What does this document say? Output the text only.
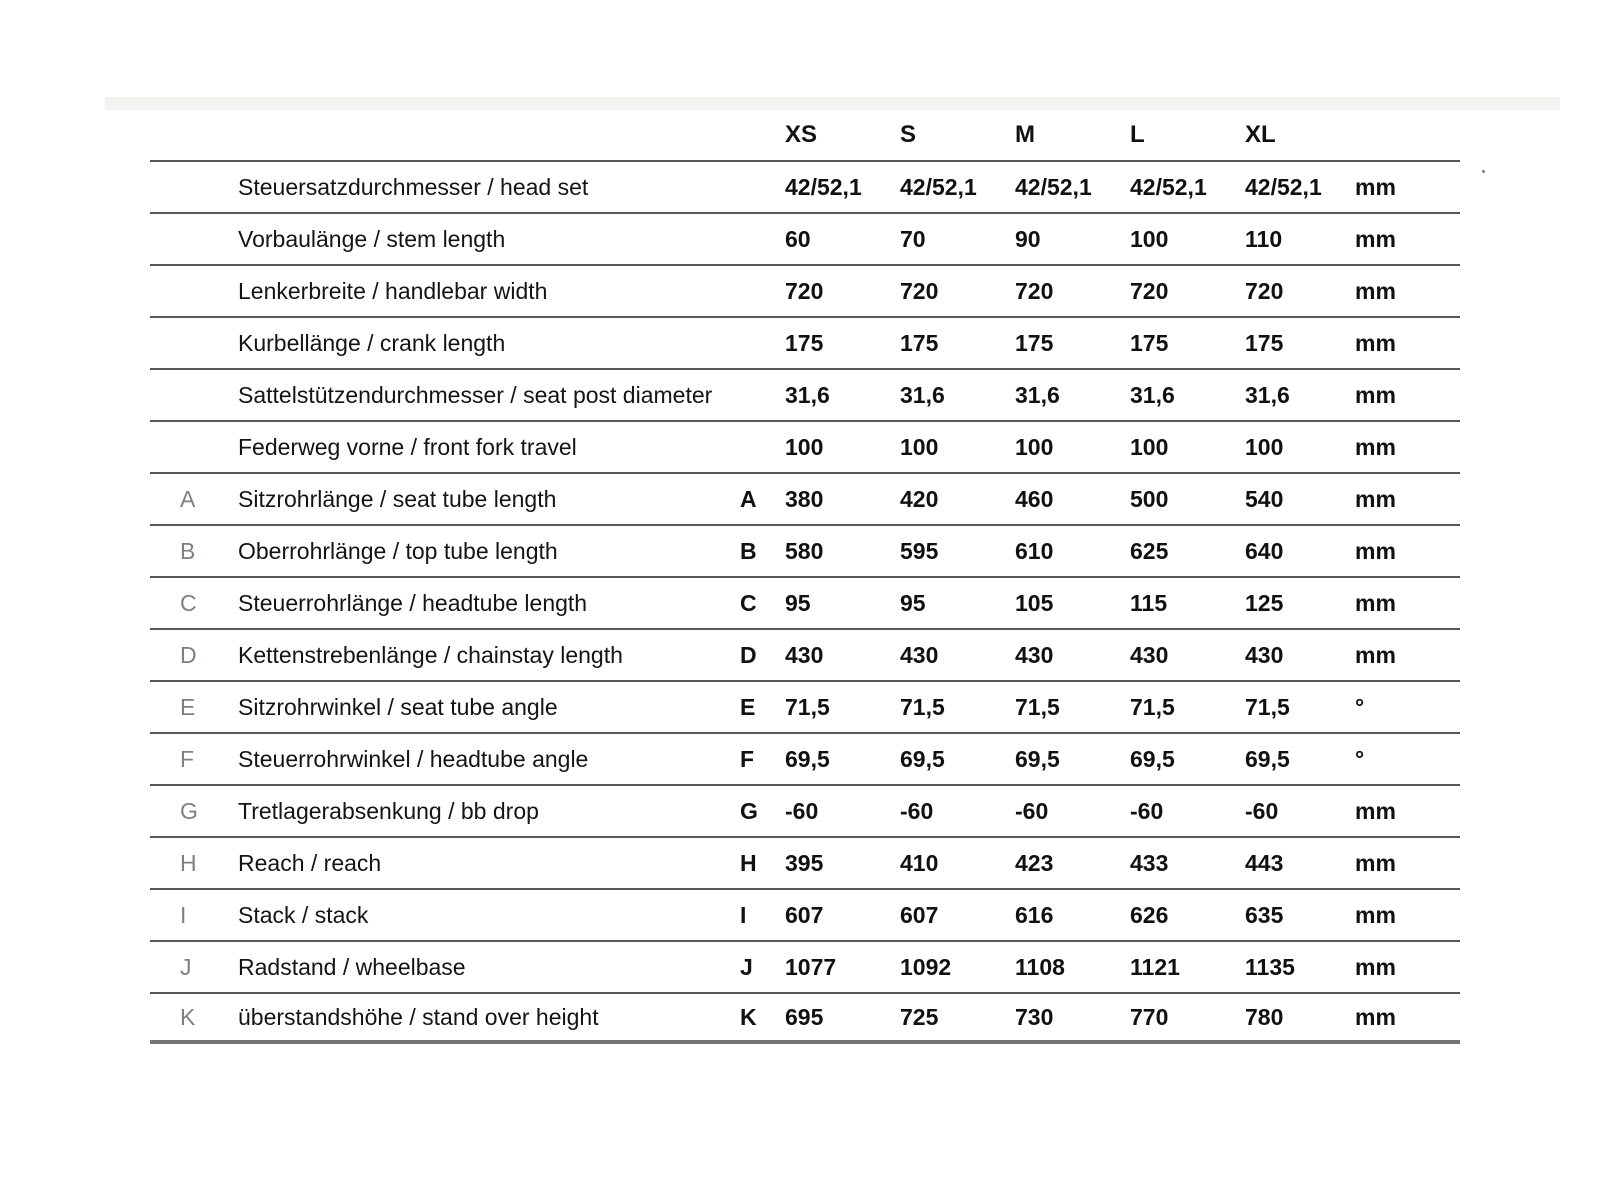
XS	S	M	L	XL
Steuersatzdurchmesser / head set	42/52,1	42/52,1	42/52,1	42/52,1	42/52,1	mm
Vorbaulänge / stem length	60	70	90	100	110	mm
Lenkerbreite / handlebar width	720	720	720	720	720	mm
Kurbellänge / crank length	175	175	175	175	175	mm
Sattelstützendurchmesser / seat post diameter	31,6	31,6	31,6	31,6	31,6	mm
Federweg vorne / front fork travel	100	100	100	100	100	mm
A	Sitzrohrlänge / seat tube length	A	380	420	460	500	540	mm
B	Oberrohrlänge / top tube length	B	580	595	610	625	640	mm
C	Steuerrohrlänge / headtube length	C	95	95	105	115	125	mm
D	Kettenstrebenlänge / chainstay length	D	430	430	430	430	430	mm
E	Sitzrohrwinkel / seat tube angle	E	71,5	71,5	71,5	71,5	71,5	°
F	Steuerrohrwinkel / headtube angle	F	69,5	69,5	69,5	69,5	69,5	°
G	Tretlagerabsenkung / bb drop	G	-60	-60	-60	-60	-60	mm
H	Reach / reach	H	395	410	423	433	443	mm
I	Stack / stack	I	607	607	616	626	635	mm
J	Radstand / wheelbase	J	1077	1092	1108	1121	1135	mm
K	überstandshöhe / stand over height	K	695	725	730	770	780	mm
